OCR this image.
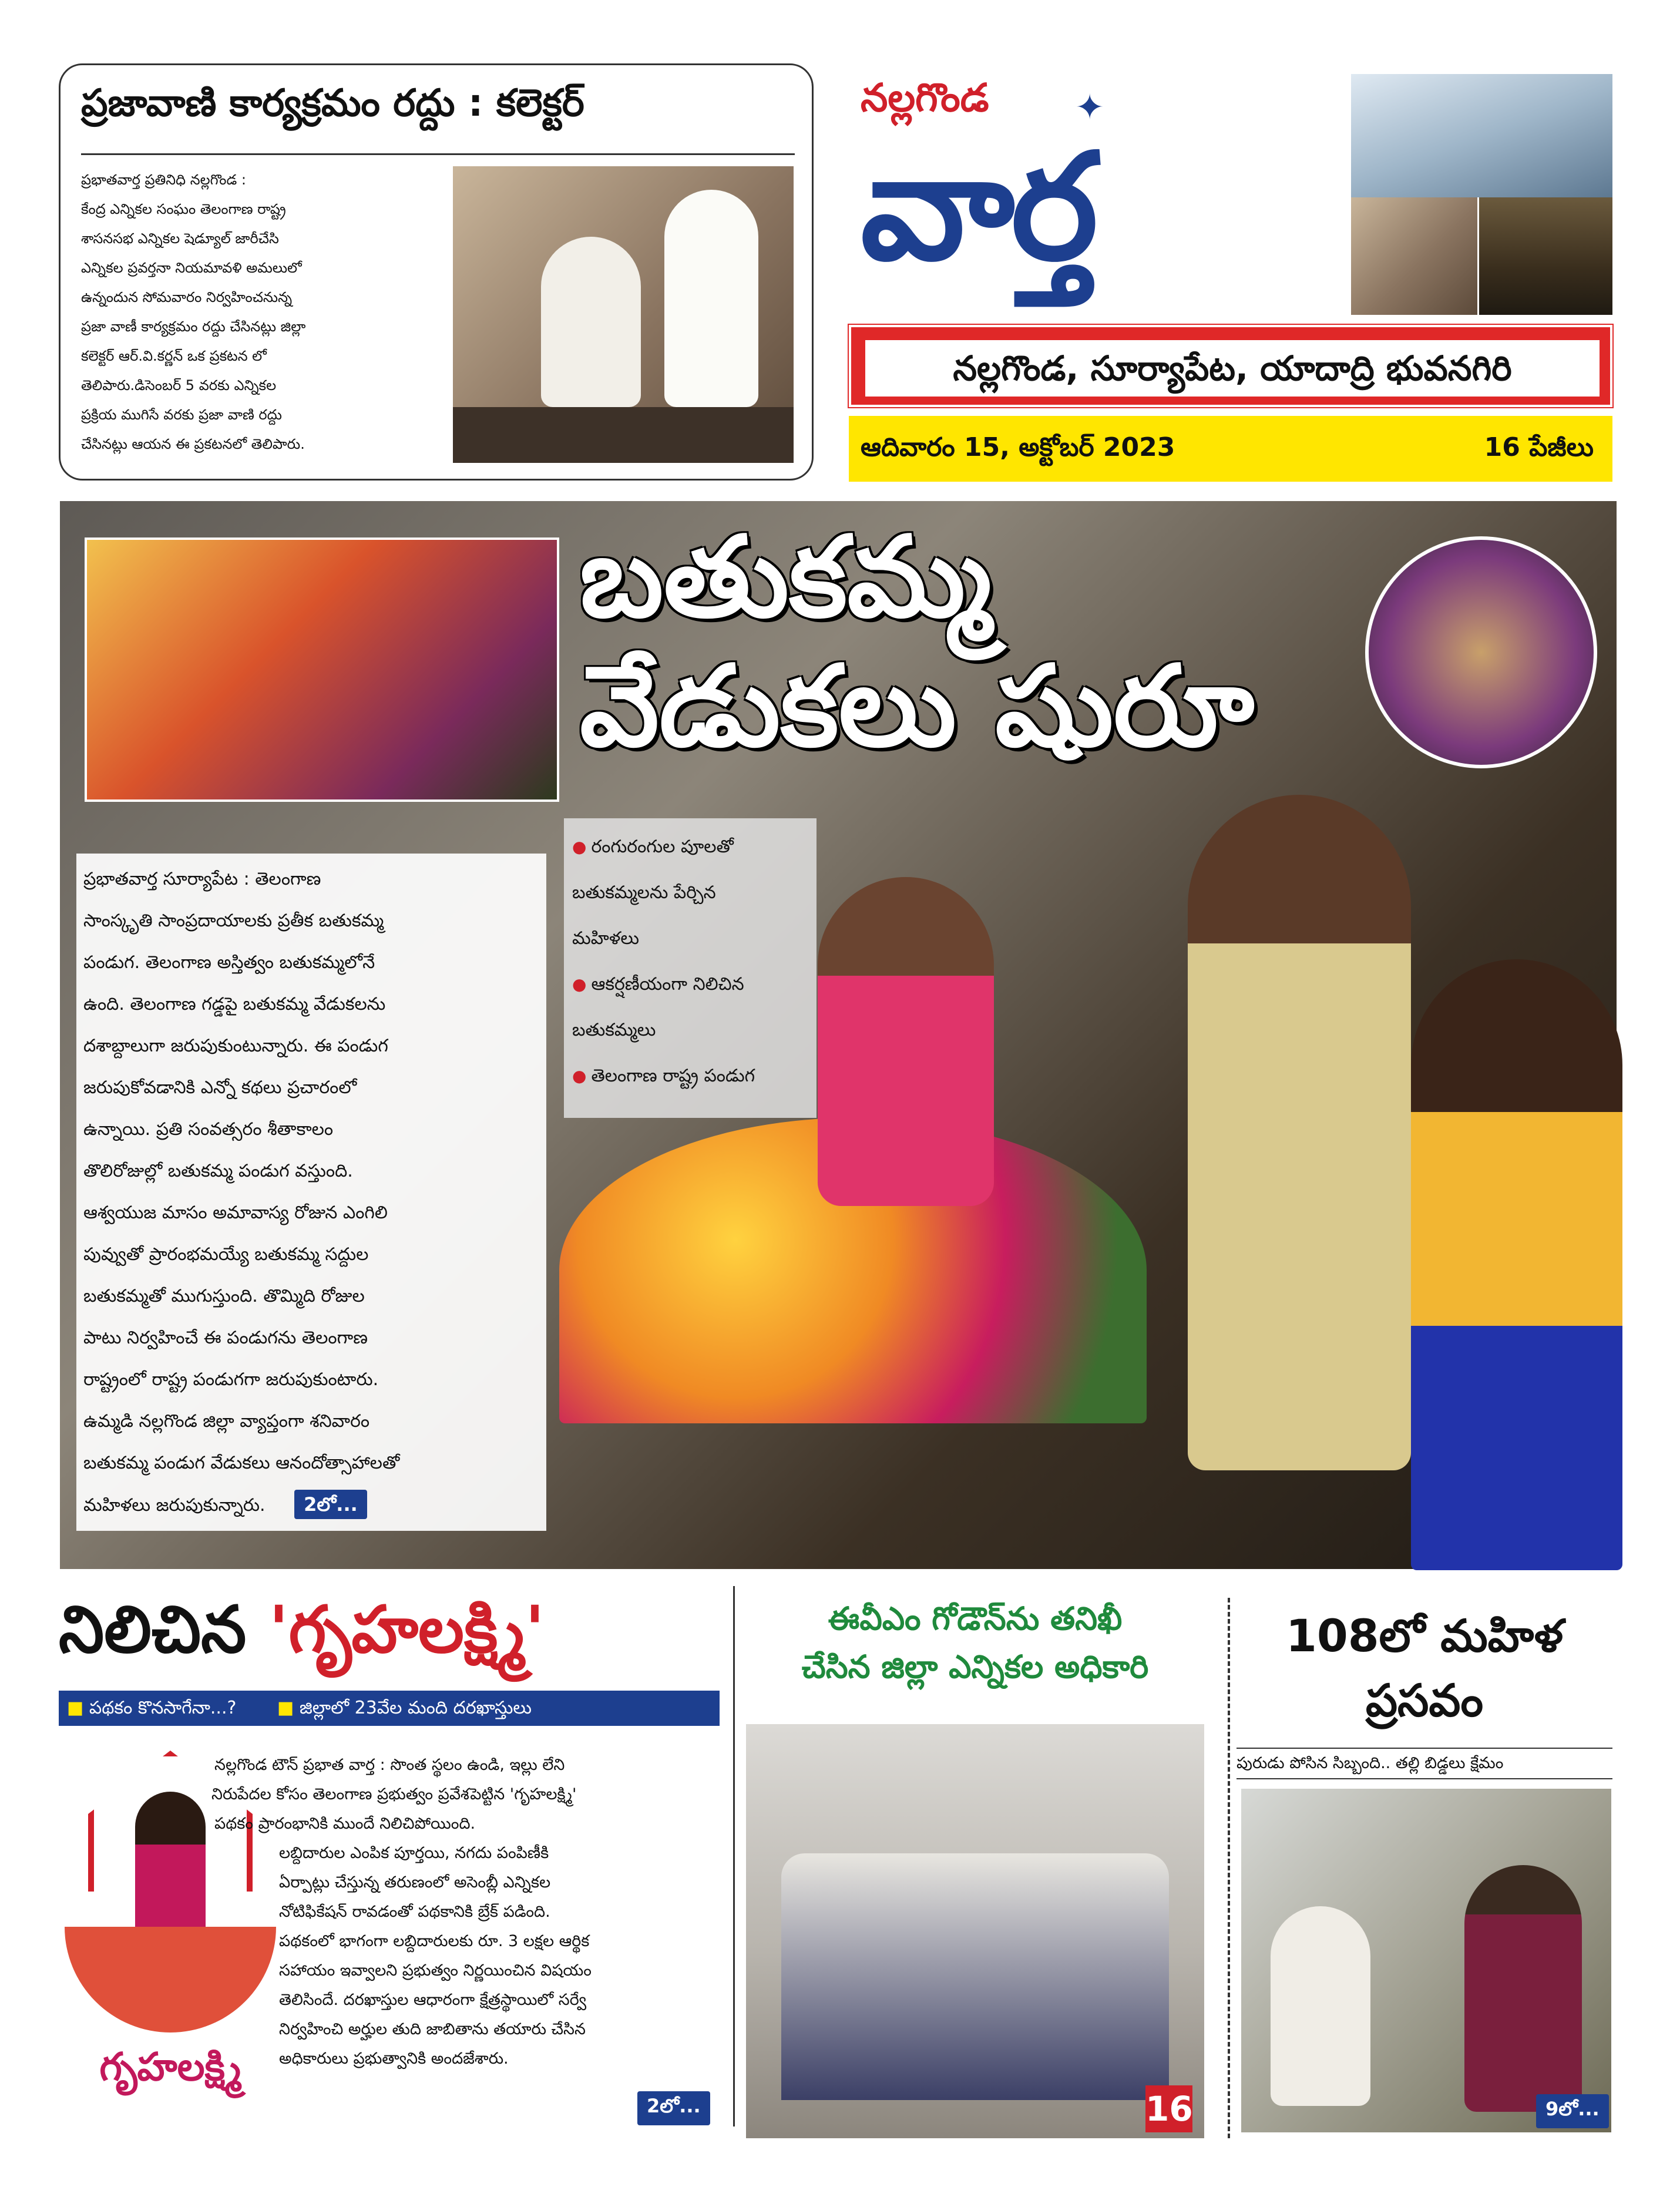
ప్రజావాణి కార్యక్రమం రద్దు : కలెక్టర్
ప్రభాతవార్త ప్రతినిధి నల్లగొండ :
కేంద్ర ఎన్నికల సంఘం తెలంగాణ రాష్ట్ర
శాసనసభ ఎన్నికల షెడ్యూల్ జారీచేసి
ఎన్నికల ప్రవర్తనా నియమావళి అమలులో
ఉన్నందున సోమవారం నిర్వహించనున్న
ప్రజా వాణీ కార్యక్రమం రద్దు చేసినట్లు జిల్లా
కలెక్టర్ ఆర్.వి.కర్ణన్ ఒక ప్రకటన లో
తెలిపారు.డిసెంబర్ 5 వరకు ఎన్నికల
ప్రక్రియ ముగిసే వరకు ప్రజా వాణి రద్దు
చేసినట్లు ఆయన ఈ ప్రకటనలో తెలిపారు.
నల్లగొండ ✦
వార్త
నల్లగొండ, సూర్యాపేట, యాదాద్రి భువనగిరి
ఆదివారం 15, అక్టోబర్ 2023	16 పేజీలు
బతుకమ్మ
వేడుకలు షురూ
● రంగురంగుల పూలతో
బతుకమ్మలను పేర్చిన
మహిళలు
● ఆకర్షణీయంగా నిలిచిన
బతుకమ్మలు
● తెలంగాణ రాష్ట్ర పండుగ
ప్రభాతవార్త సూర్యాపేట : తెలంగాణ
సాంస్కృతి సాంప్రదాయాలకు ప్రతీక బతుకమ్మ
పండుగ. తెలంగాణ అస్తిత్వం బతుకమ్మలోనే
ఉంది. తెలంగాణ గడ్డపై బతుకమ్మ వేడుకలను
దశాబ్దాలుగా జరుపుకుంటున్నారు. ఈ పండుగ
జరుపుకోవడానికి ఎన్నో కథలు ప్రచారంలో
ఉన్నాయి. ప్రతి సంవత్సరం శీతాకాలం
తొలిరోజుల్లో బతుకమ్మ పండుగ వస్తుంది.
ఆశ్వయుజ మాసం అమావాస్య రోజున ఎంగిలి
పువ్వుతో ప్రారంభమయ్యే బతుకమ్మ సద్దుల
బతుకమ్మతో ముగుస్తుంది. తొమ్మిది రోజుల
పాటు నిర్వహించే ఈ పండుగను తెలంగాణ
రాష్ట్రంలో రాష్ట్ర పండుగగా జరుపుకుంటారు.
ఉమ్మడి నల్లగొండ జిల్లా వ్యాప్తంగా శనివారం
బతుకమ్మ పండుగ వేడుకలు ఆనందోత్సాహాలతో
మహిళలు జరుపుకున్నారు. 2లో...
నిలిచిన 'గృహలక్ష్మి'
■ పథకం కొనసాగేనా...? ■ జిల్లాలో 23వేల మంది దరఖాస్తులు
గృహలక్ష్మి
నల్లగొండ టౌన్ ప్రభాత వార్త : సొంత స్థలం ఉండి, ఇల్లు లేని
నిరుపేదల కోసం తెలంగాణ ప్రభుత్వం ప్రవేశపెట్టిన 'గృహలక్ష్మి'
పథకం ప్రారంభానికి ముందే నిలిచిపోయింది.
లబ్దిదారుల ఎంపిక పూర్తయి, నగదు పంపిణీకి
ఏర్పాట్లు చేస్తున్న తరుణంలో అసెంబ్లీ ఎన్నికల
నోటిఫికేషన్ రావడంతో పథకానికి బ్రేక్ పడింది.
పథకంలో భాగంగా లబ్దిదారులకు రూ. 3 లక్షల ఆర్థిక
సహాయం ఇవ్వాలని ప్రభుత్వం నిర్ణయించిన విషయం
తెలిసిందే. దరఖాస్తుల ఆధారంగా క్షేత్రస్థాయిలో సర్వే
నిర్వహించి అర్హుల తుది జాబితాను తయారు చేసిన
అధికారులు ప్రభుత్వానికి అందజేశారు.
2లో...
ఈవీఎం గోడౌన్‌ను తనిఖీ
చేసిన జిల్లా ఎన్నికల అధికారి
16
108లో మహిళ
ప్రసవం
పురుడు పోసిన సిబ్బంది.. తల్లి బిడ్డలు క్షేమం
9లో...
